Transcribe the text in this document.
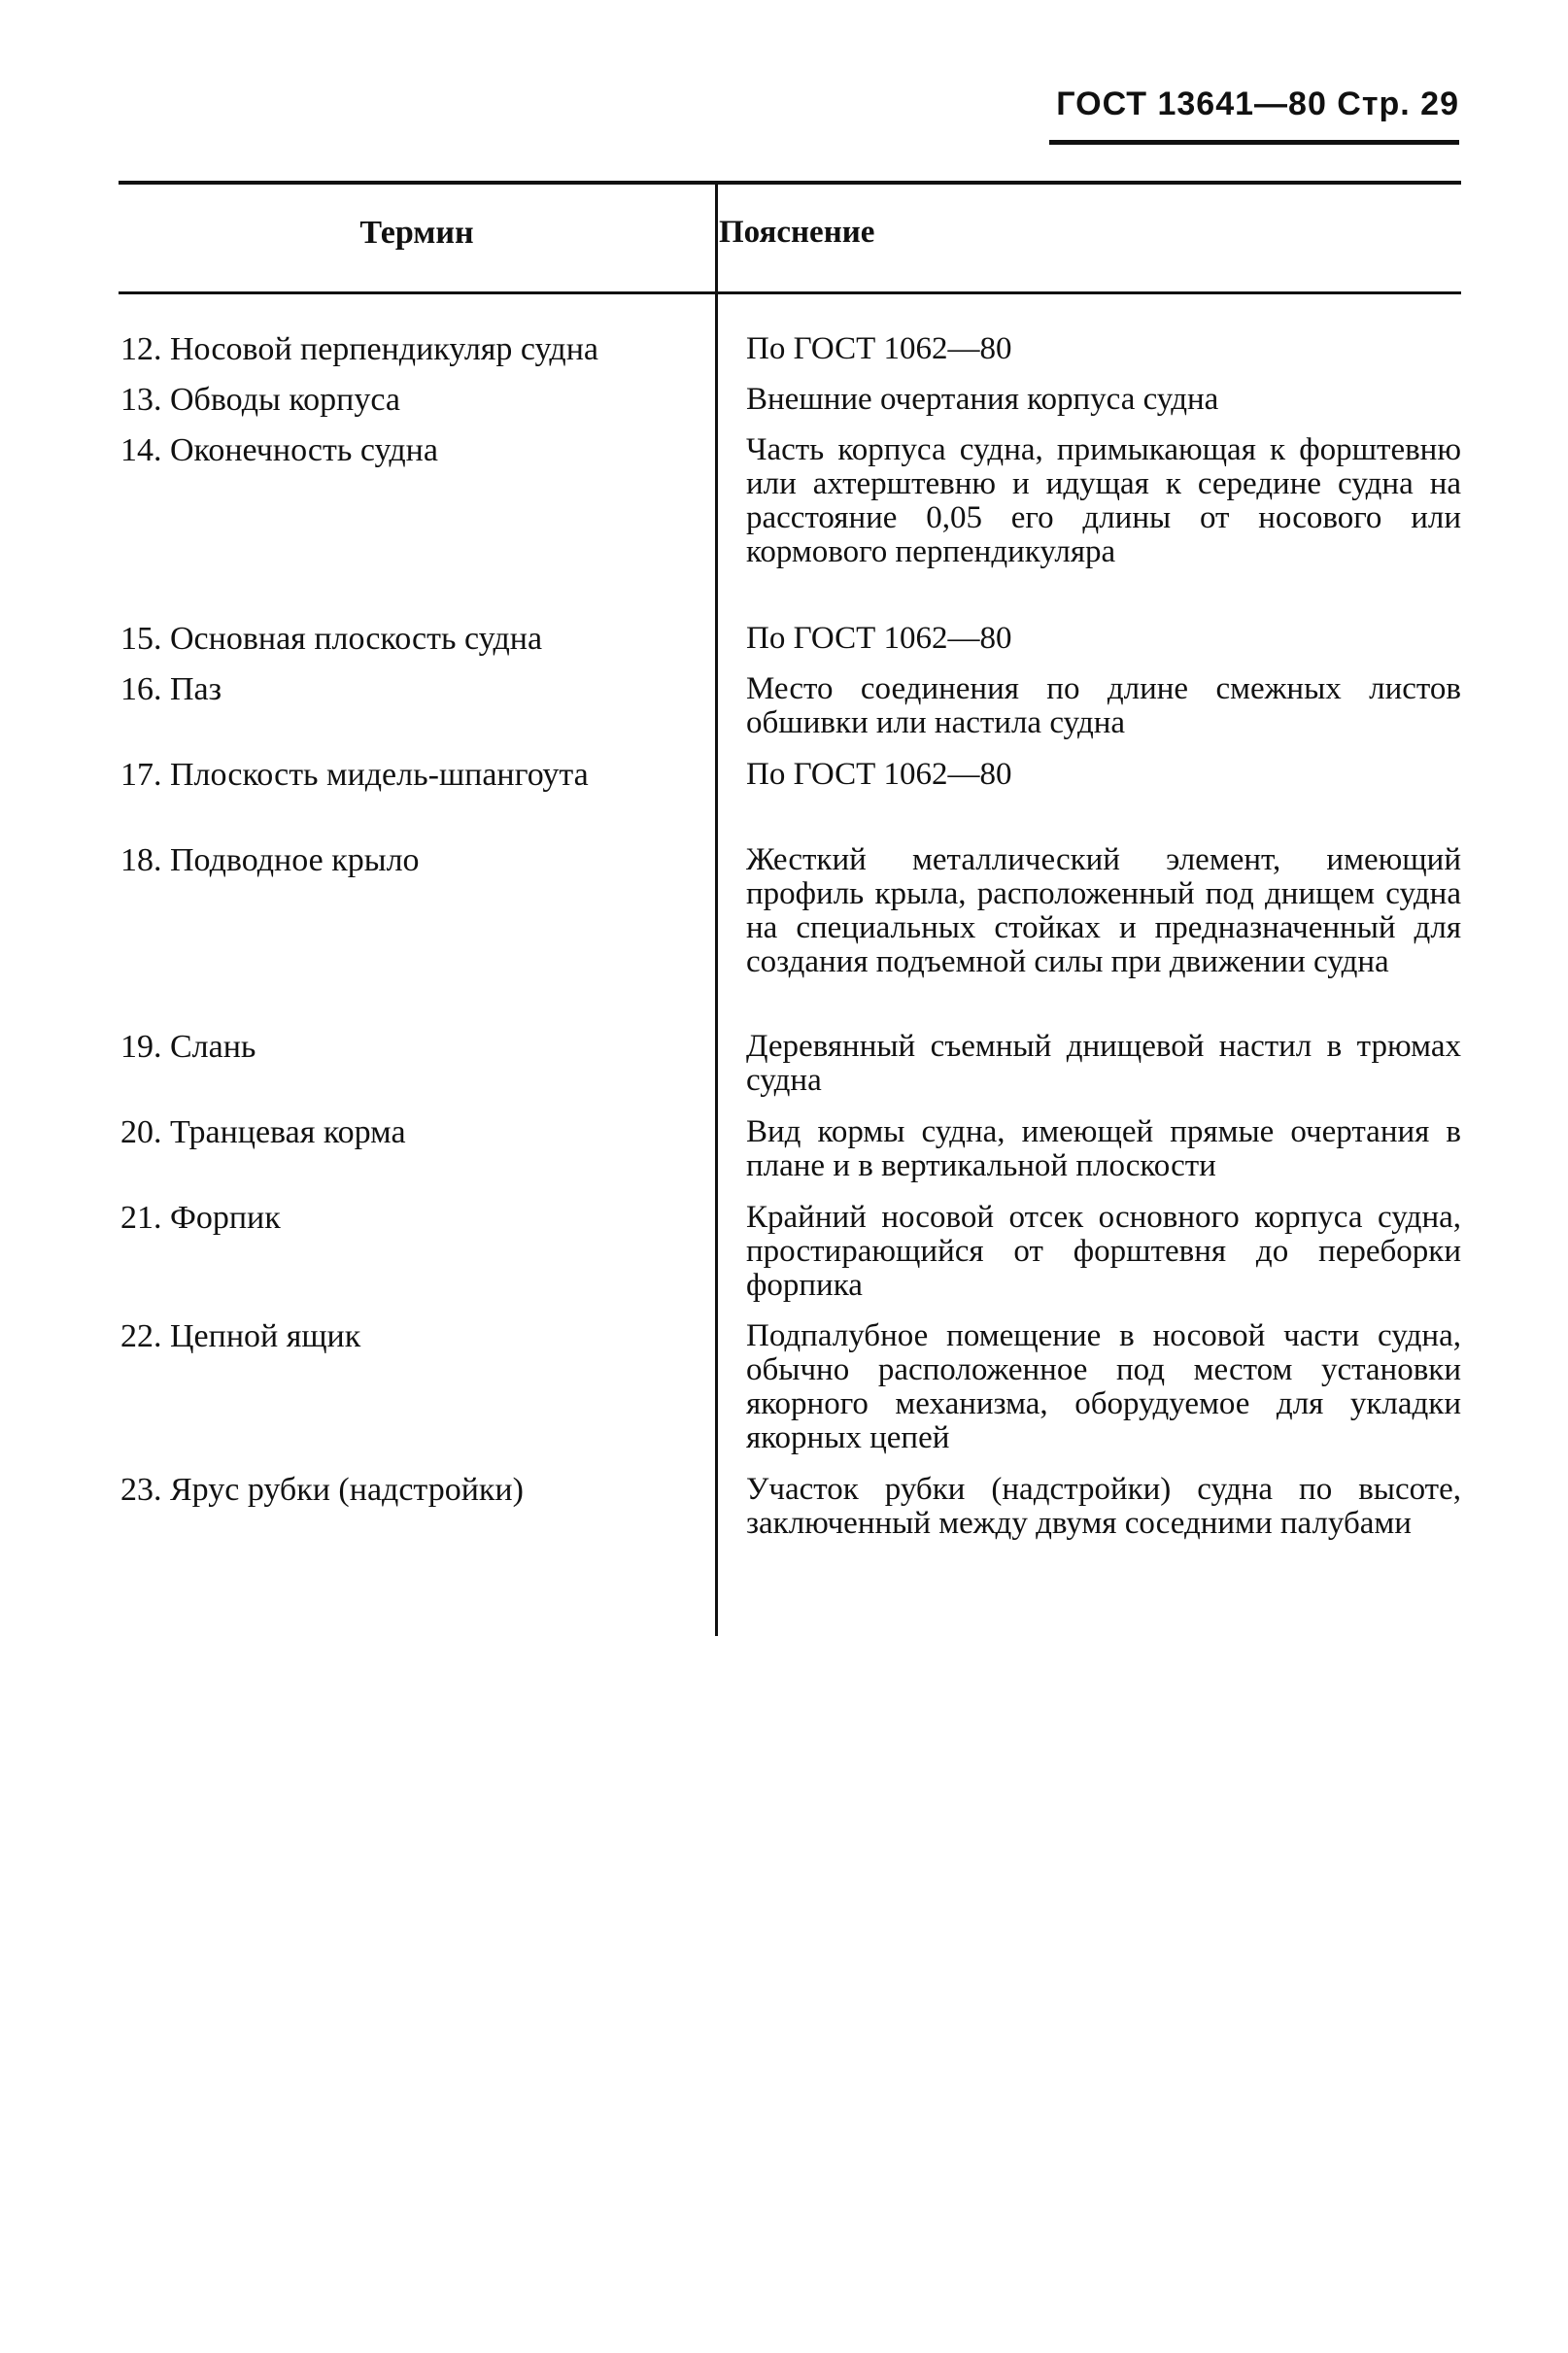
ГОСТ 13641—80 Стр. 29
Термин	Пояснение
12. Носовой перпендикуляр судна	По ГОСТ 1062—80
13. Обводы корпуса	Внешние очертания корпуса судна
14. Оконечность судна	Часть корпуса судна, примыкающая к форштевню или ахтерштевню и идущая к середине судна на расстояние 0,05 его длины от носового или кормового перпендикуляра
15. Основная плоскость судна	По ГОСТ 1062—80
16. Паз	Место соединения по длине смежных листов обшивки или настила судна
17. Плоскость мидель-шпангоута	По ГОСТ 1062—80
18. Подводное крыло	Жесткий металлический элемент, имеющий профиль крыла, расположенный под днищем судна на специальных стойках и предназначенный для создания подъемной силы при движении судна
19. Слань	Деревянный съемный днищевой настил в трюмах судна
20. Транцевая корма	Вид кормы судна, имеющей прямые очертания в плане и в вертикальной плоскости
21. Форпик	Крайний носовой отсек основного корпуса судна, простирающийся от форштевня до переборки форпика
22. Цепной ящик	Подпалубное помещение в носовой части судна, обычно расположенное под местом установки якорного механизма, оборудуемое для укладки якорных цепей
23. Ярус рубки (надстройки)	Участок рубки (надстройки) судна по высоте, заключенный между двумя соседними палубами
